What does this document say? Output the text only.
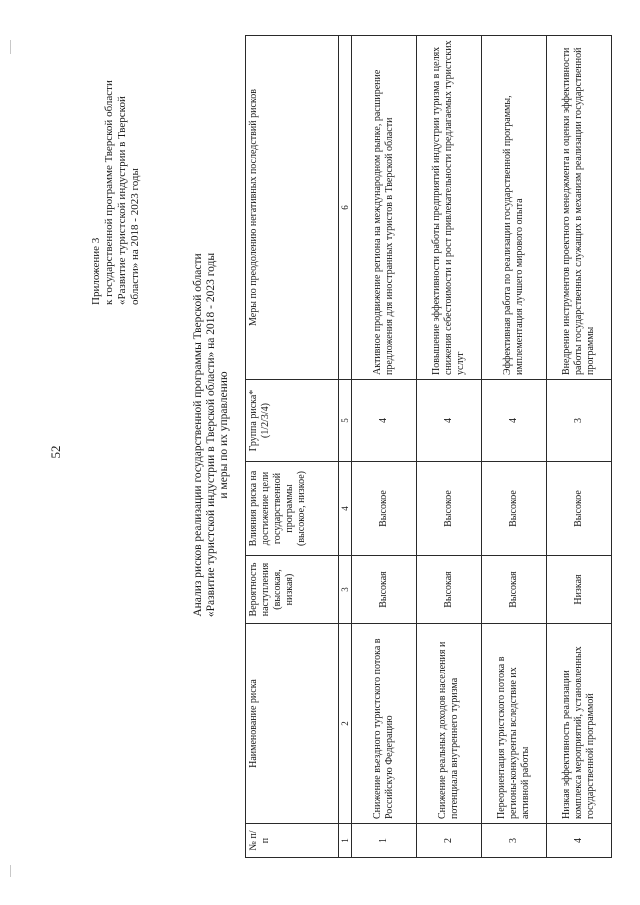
52
Приложение 3 к государственной программе Тверской области «Развитие туристской индустрии в Тверской области» на 2018 - 2023 годы
Анализ рисков реализации государственной программы Тверской области «Развитие туристской индустрии в Тверской области» на 2018 - 2023 годы и меры по их управлению
№ п/п	Наименование риска	Вероятность наступления (высокая, низкая)	Влияния риска на достижение цели государственной программы (высокое, низкое)	Группа риска* (1/2/3/4)	Меры по преодолению негативных последствий рисков
1	2	3	4	5	6
1	Снижение въездного туристского потока в Российскую Федерацию	Высокая	Высокое	4	Активное продвижение региона на международном рынке, расширение предложения для иностранных туристов в Тверской области
2	Снижение реальных доходов населения и потенциала внутреннего туризма	Высокая	Высокое	4	Повышение эффективности работы предприятий индустрии туризма в целях снижения себестоимости и рост привлекательности предлагаемых туристских услуг
3	Переориентация туристского потока в регионы-конкуренты вследствие их активной работы	Высокая	Высокое	4	Эффективная работа по реализации государственной программы, имплементация лучшего мирового опыта
4	Низкая эффективность реализации комплекса мероприятий, установленных государственной программой	Низкая	Высокое	3	Внедрение инструментов проектного менеджмента и оценки эффективности работы государственных служащих в механизм реализации государственной программы
